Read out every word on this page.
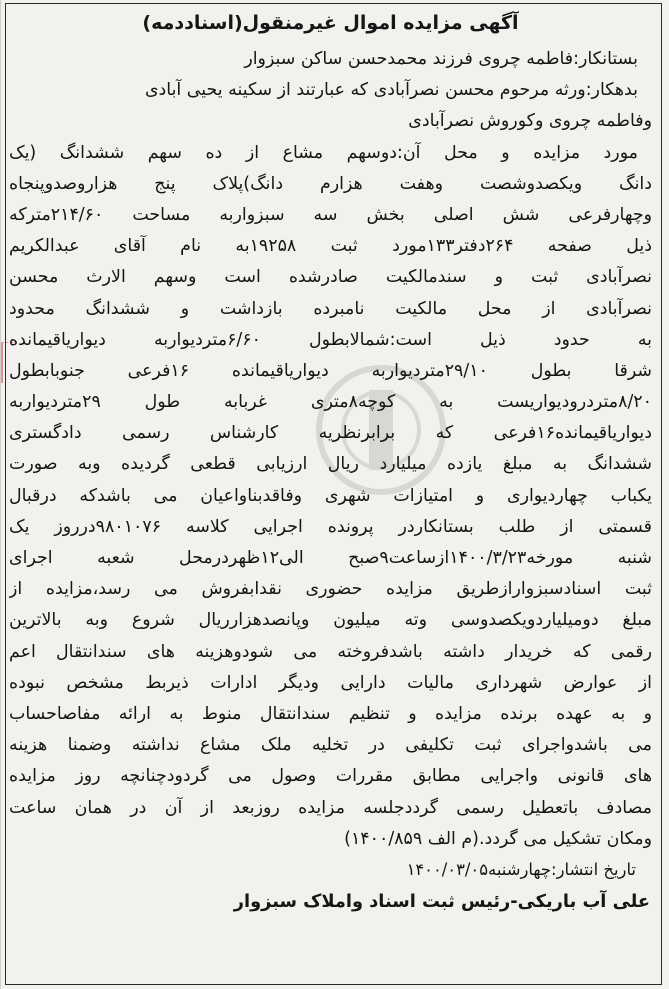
آگهی مزایده اموال غیرمنقول(اسناددمه)
بستانکار:فاطمه چروی فرزند محمدحسن ساکن سبزوار
بدهکار:ورثه مرحوم محسن نصرآبادی که عبارتند از سکینه یحیی آبادی
وفاطمه چروی وکوروش نصرآبادی
مورد مزایده و محل آن:دوسهم مشاع از ده سهم ششدانگ (یک
دانگ ویکصدوشصت وهفت هزارم دانگ)پلاک پنج هزاروصدوپنجاه
وچهارفرعی شش اصلی بخش سه سبزواربه مساحت ۲۱۴/۶۰مترکه
ذیل صفحه ۲۶۴دفتر۱۳۳مورد ثبت ۱۹۲۵۸به نام آقای عبدالکریم
نصرآبادی ثبت و سندمالکیت صادرشده است وسهم الارث محسن
نصرآبادی از محل مالکیت نامبرده بازداشت و ششدانگ محدود
به حدود ذیل است:شمالابطول ۶/۶۰متردیواربه دیواریاقیمانده
شرقا بطول ۲۹/۱۰متردیواربه دیواریاقیمانده ۱۶فرعی جنوبابطول
۸/۲۰متردرودیواریست به کوچه۸متری غربابه طول ۲۹متردیواربه
دیواریاقیمانده۱۶فرعی که برابرنظریه کارشناس رسمی دادگستری
ششدانگ به مبلغ یازده میلیارد ریال ارزیابی قطعی گردیده وبه صورت
یکباب چهاردیواری و امتیازات شهری وفاقدبناواعیان می باشدکه درقبال
قسمتی از طلب بستانکاردر پرونده اجرایی کلاسه ۹۸۰۱۰۷۶درروز یک
شنبه مورخه۱۴۰۰/۳/۲۳ازساعت۹صبح الی۱۲ظهردرمحل شعبه اجرای
ثبت اسنادسبزوارازطریق مزایده حضوری نقدابفروش می رسد،مزایده از
مبلغ دومیلیاردویکصدوسی وته میلیون وپانصدهزارریال شروع وبه بالاترین
رقمی که خریدار داشته باشدفروخته می شودوهزینه های سندانتقال اعم
از عوارض شهرداری مالیات دارایی ودیگر ادارات ذیربط مشخص نبوده
و به عهده برنده مزایده و تنظیم سندانتقال منوط به ارائه مفاصاحساب
می باشدواجرای ثبت تکلیفی در تخلیه ملک مشاع نداشته وضمنا هزینه
های قانونی واجرایی مطابق مقررات وصول می گردودچنانچه روز مزایده
مصادف باتعطیل رسمی گرددجلسه مزایده روزبعد از آن در همان ساعت
ومکان تشکیل می گردد.(م الف ۱۴۰۰/۸۵۹)
تاریخ انتشار:چهارشنبه۱۴۰۰/۰۳/۰۵
علی آب باریکی-رئیس ثبت اسناد واملاک سبزوار
